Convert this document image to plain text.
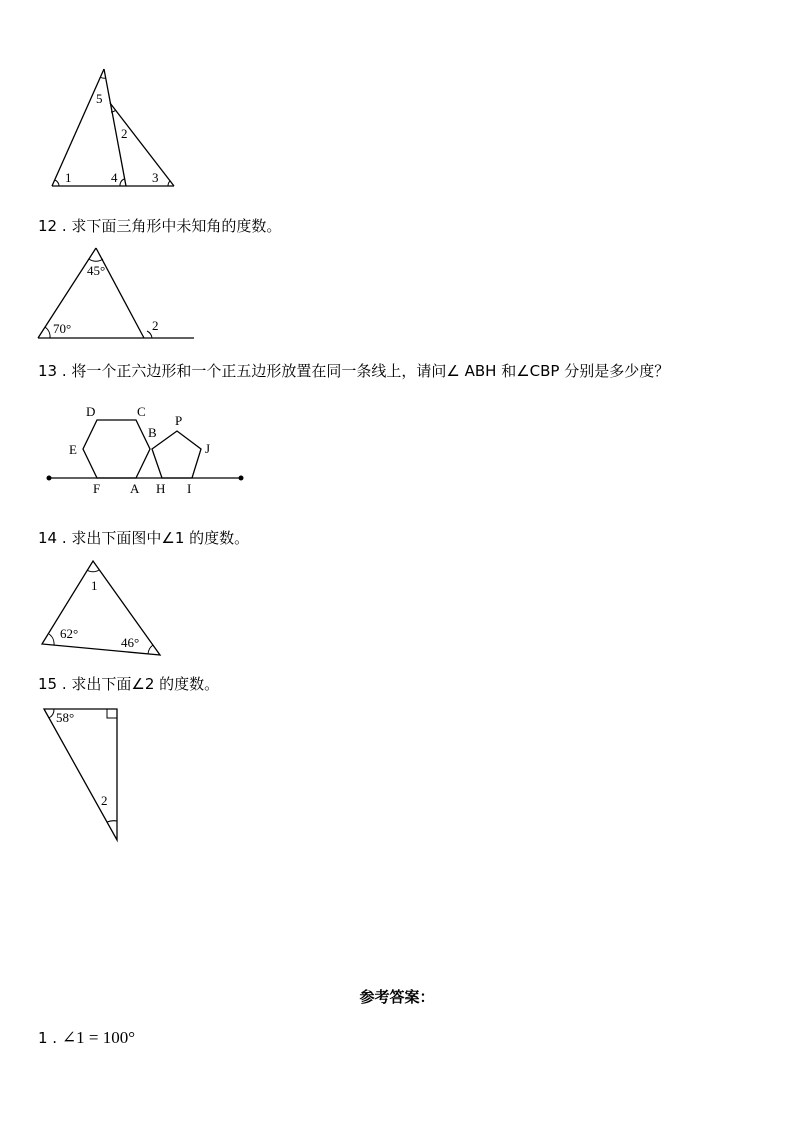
5
2
1	4	3
12 . 求下面三角形中未知角的度数。
45°
70°	2
13 . 将一个正六边形和一个正五边形放置在同一条线上，请问∠ ABH 和∠CBP 分别是多少度？
D	C
E
B
P
J
F A H I
14 . 求出下面图中∠1 的度数。
1
62°
46°
15 . 求出下面∠2 的度数。
58°
2
参考答案：
1 . ∠1 = 100°
